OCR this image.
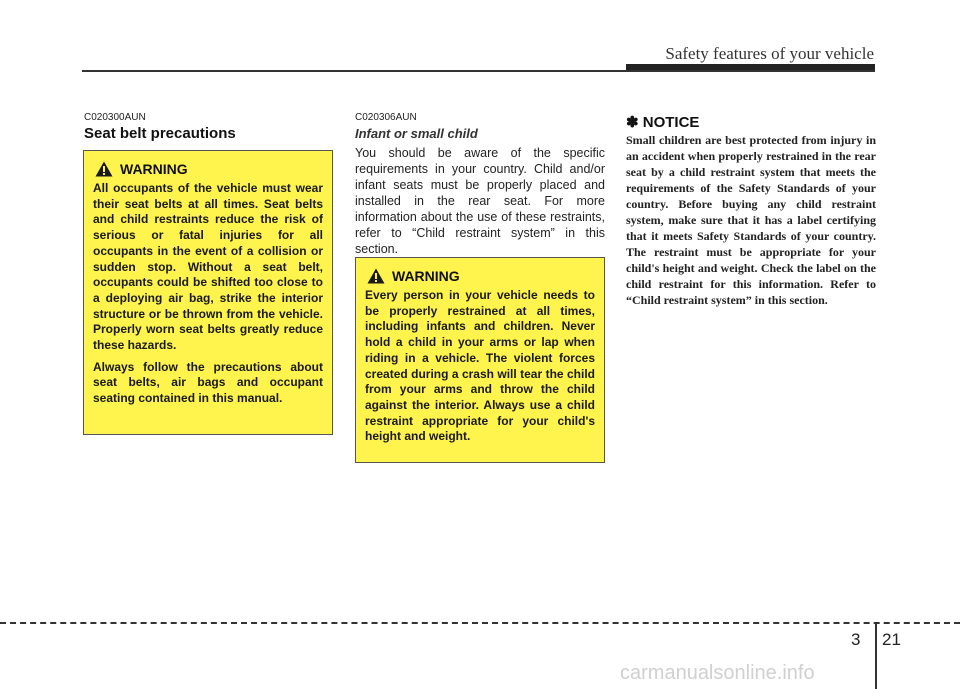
Safety features of your vehicle
C020300AUN
Seat belt precautions
WARNING

All occupants of the vehicle must wear their seat belts at all times. Seat belts and child restraints reduce the risk of serious or fatal injuries for all occupants in the event of a collision or sudden stop. Without a seat belt, occupants could be shifted too close to a deploying air bag, strike the interior structure or be thrown from the vehicle. Properly worn seat belts greatly reduce these hazards.

Always follow the precautions about seat belts, air bags and occupant seating contained in this manual.

C020306AUN
Infant or small child

You should be aware of the specific requirements in your country. Child and/or infant seats must be properly placed and installed in the rear seat. For more information about the use of these restraints, refer to “Child restraint system” in this section.

WARNING

Every person in your vehicle needs to be properly restrained at all times, including infants and children. Never hold a child in your arms or lap when riding in a vehicle. The violent forces created during a crash will tear the child from your arms and throw the child against the interior. Always use a child restraint appropriate for your child's height and weight.

✽ NOTICE

Small children are best protected from injury in an accident when properly restrained in the rear seat by a child restraint system that meets the requirements of the Safety Standards of your country. Before buying any child restraint system, make sure that it has a label certifying that it meets Safety Standards of your country. The restraint must be appropriate for your child's height and weight. Check the label on the child restraint for this information. Refer to “Child restraint system” in this section.

3 21
carmanualsonline.info
